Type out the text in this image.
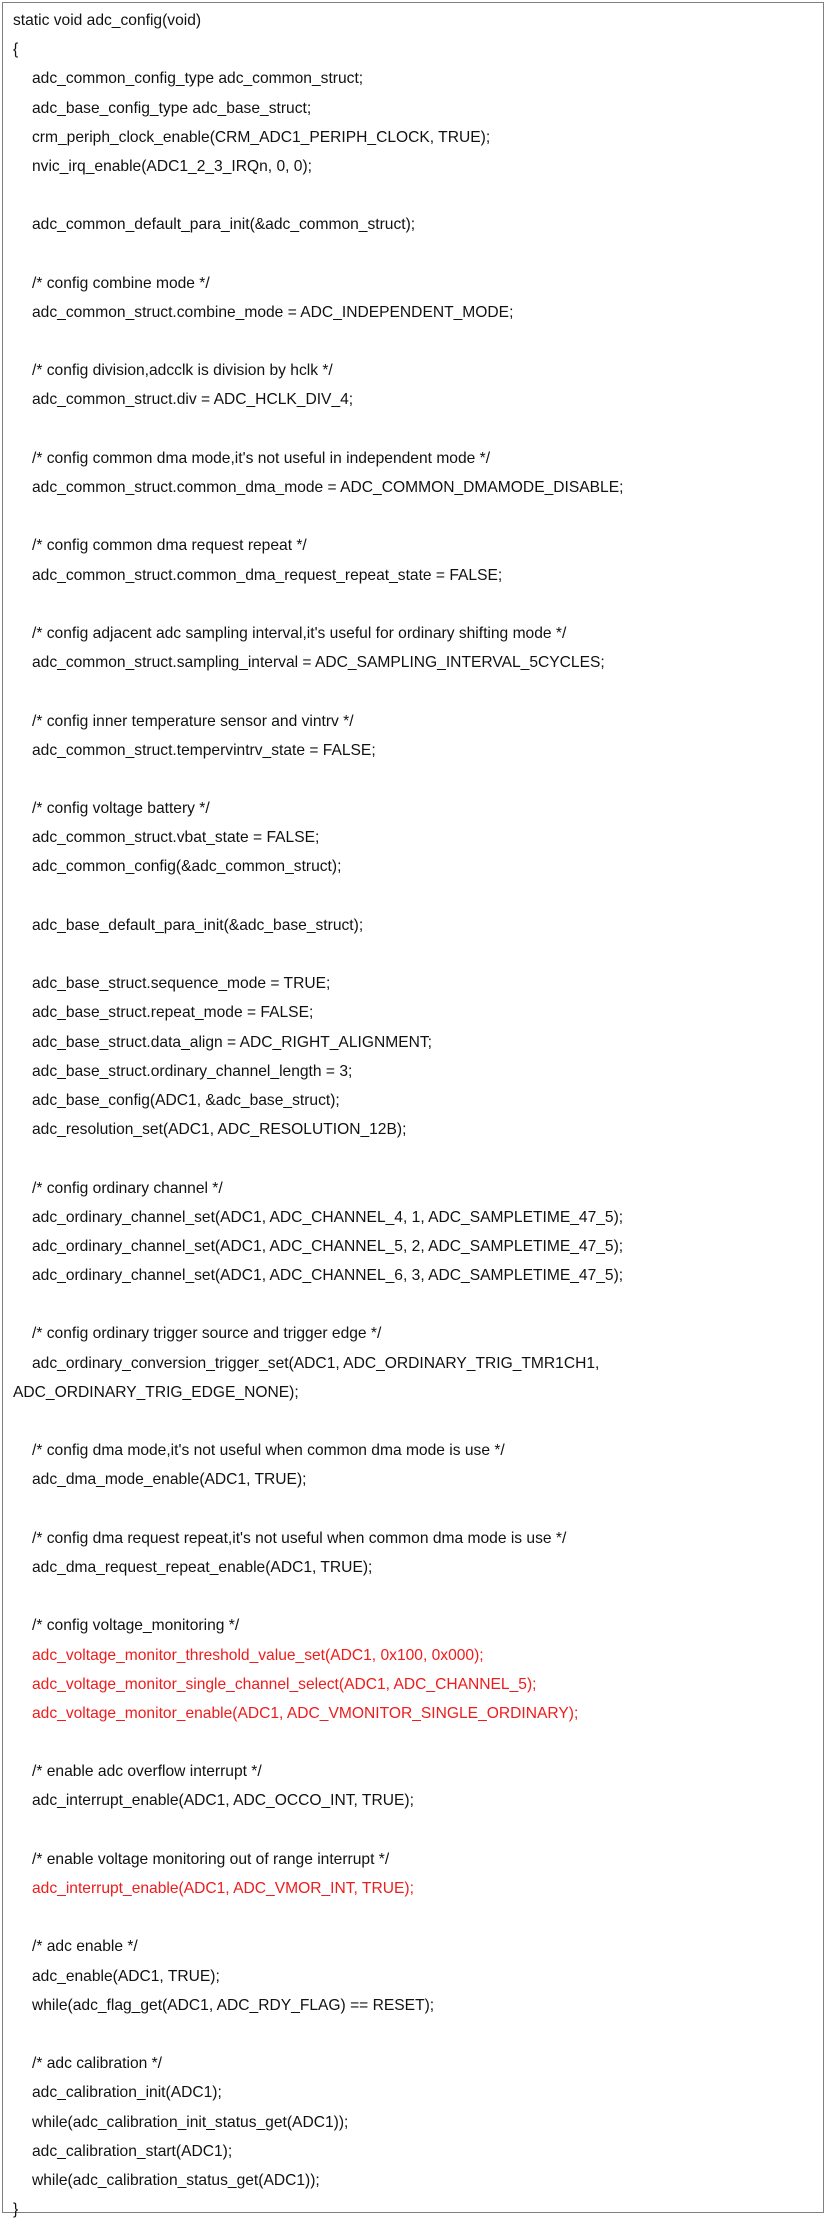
static void adc_config(void)
{
adc_common_config_type adc_common_struct;
adc_base_config_type adc_base_struct;
crm_periph_clock_enable(CRM_ADC1_PERIPH_CLOCK, TRUE);
nvic_irq_enable(ADC1_2_3_IRQn, 0, 0);
adc_common_default_para_init(&adc_common_struct);
/* config combine mode */
adc_common_struct.combine_mode = ADC_INDEPENDENT_MODE;
/* config division,adcclk is division by hclk */
adc_common_struct.div = ADC_HCLK_DIV_4;
/* config common dma mode,it's not useful in independent mode */
adc_common_struct.common_dma_mode = ADC_COMMON_DMAMODE_DISABLE;
/* config common dma request repeat */
adc_common_struct.common_dma_request_repeat_state = FALSE;
/* config adjacent adc sampling interval,it's useful for ordinary shifting mode */
adc_common_struct.sampling_interval = ADC_SAMPLING_INTERVAL_5CYCLES;
/* config inner temperature sensor and vintrv */
adc_common_struct.tempervintrv_state = FALSE;
/* config voltage battery */
adc_common_struct.vbat_state = FALSE;
adc_common_config(&adc_common_struct);
adc_base_default_para_init(&adc_base_struct);
adc_base_struct.sequence_mode = TRUE;
adc_base_struct.repeat_mode = FALSE;
adc_base_struct.data_align = ADC_RIGHT_ALIGNMENT;
adc_base_struct.ordinary_channel_length = 3;
adc_base_config(ADC1, &adc_base_struct);
adc_resolution_set(ADC1, ADC_RESOLUTION_12B);
/* config ordinary channel */
adc_ordinary_channel_set(ADC1, ADC_CHANNEL_4, 1, ADC_SAMPLETIME_47_5);
adc_ordinary_channel_set(ADC1, ADC_CHANNEL_5, 2, ADC_SAMPLETIME_47_5);
adc_ordinary_channel_set(ADC1, ADC_CHANNEL_6, 3, ADC_SAMPLETIME_47_5);
/* config ordinary trigger source and trigger edge */
adc_ordinary_conversion_trigger_set(ADC1, ADC_ORDINARY_TRIG_TMR1CH1,
ADC_ORDINARY_TRIG_EDGE_NONE);
/* config dma mode,it's not useful when common dma mode is use */
adc_dma_mode_enable(ADC1, TRUE);
/* config dma request repeat,it's not useful when common dma mode is use */
adc_dma_request_repeat_enable(ADC1, TRUE);
/* config voltage_monitoring */
adc_voltage_monitor_threshold_value_set(ADC1, 0x100, 0x000);
adc_voltage_monitor_single_channel_select(ADC1, ADC_CHANNEL_5);
adc_voltage_monitor_enable(ADC1, ADC_VMONITOR_SINGLE_ORDINARY);
/* enable adc overflow interrupt */
adc_interrupt_enable(ADC1, ADC_OCCO_INT, TRUE);
/* enable voltage monitoring out of range interrupt */
adc_interrupt_enable(ADC1, ADC_VMOR_INT, TRUE);
/* adc enable */
adc_enable(ADC1, TRUE);
while(adc_flag_get(ADC1, ADC_RDY_FLAG) == RESET);
/* adc calibration */
adc_calibration_init(ADC1);
while(adc_calibration_init_status_get(ADC1));
adc_calibration_start(ADC1);
while(adc_calibration_status_get(ADC1));
}
